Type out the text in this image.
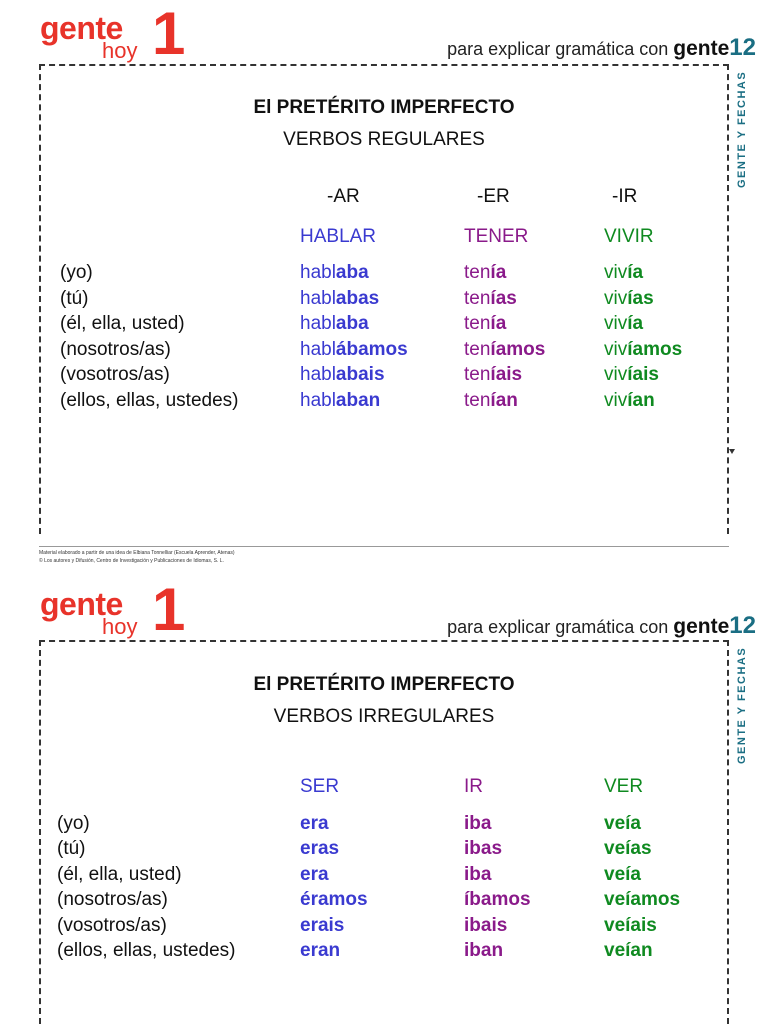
gente
hoy 1	para explicar gramática con gente12
GENTE Y FECHAS
El PRETÉRITO IMPERFECTO
VERBOS REGULARES
-AR	-ER	-IR
HABLAR	TENER	VIVIR
(yo)	hablaba	tenía	vivía
(tú)	hablabas	tenías	vivías
(él, ella, usted)	hablaba	tenía	vivía
(nosotros/as)	hablábamos	teníamos	vivíamos
(vosotros/as)	hablabais	teníais	vivíais
(ellos, ellas, ustedes)	hablaban	tenían	vivían
Material elaborado a partir de una idea de Elbiana Tonnelliar (Escuela Aprender, Atenas)
© Los autores y Difusión, Centro de Investigación y Publicaciones de Idiomas, S. L.
gente
hoy 1	para explicar gramática con gente12
GENTE Y FECHAS
El PRETÉRITO IMPERFECTO
VERBOS IRREGULARES
SER	IR	VER
(yo)	era	iba	veía
(tú)	eras	ibas	veías
(él, ella, usted)	era	iba	veía
(nosotros/as)	éramos	íbamos	veíamos
(vosotros/as)	erais	ibais	veíais
(ellos, ellas, ustedes)	eran	iban	veían
